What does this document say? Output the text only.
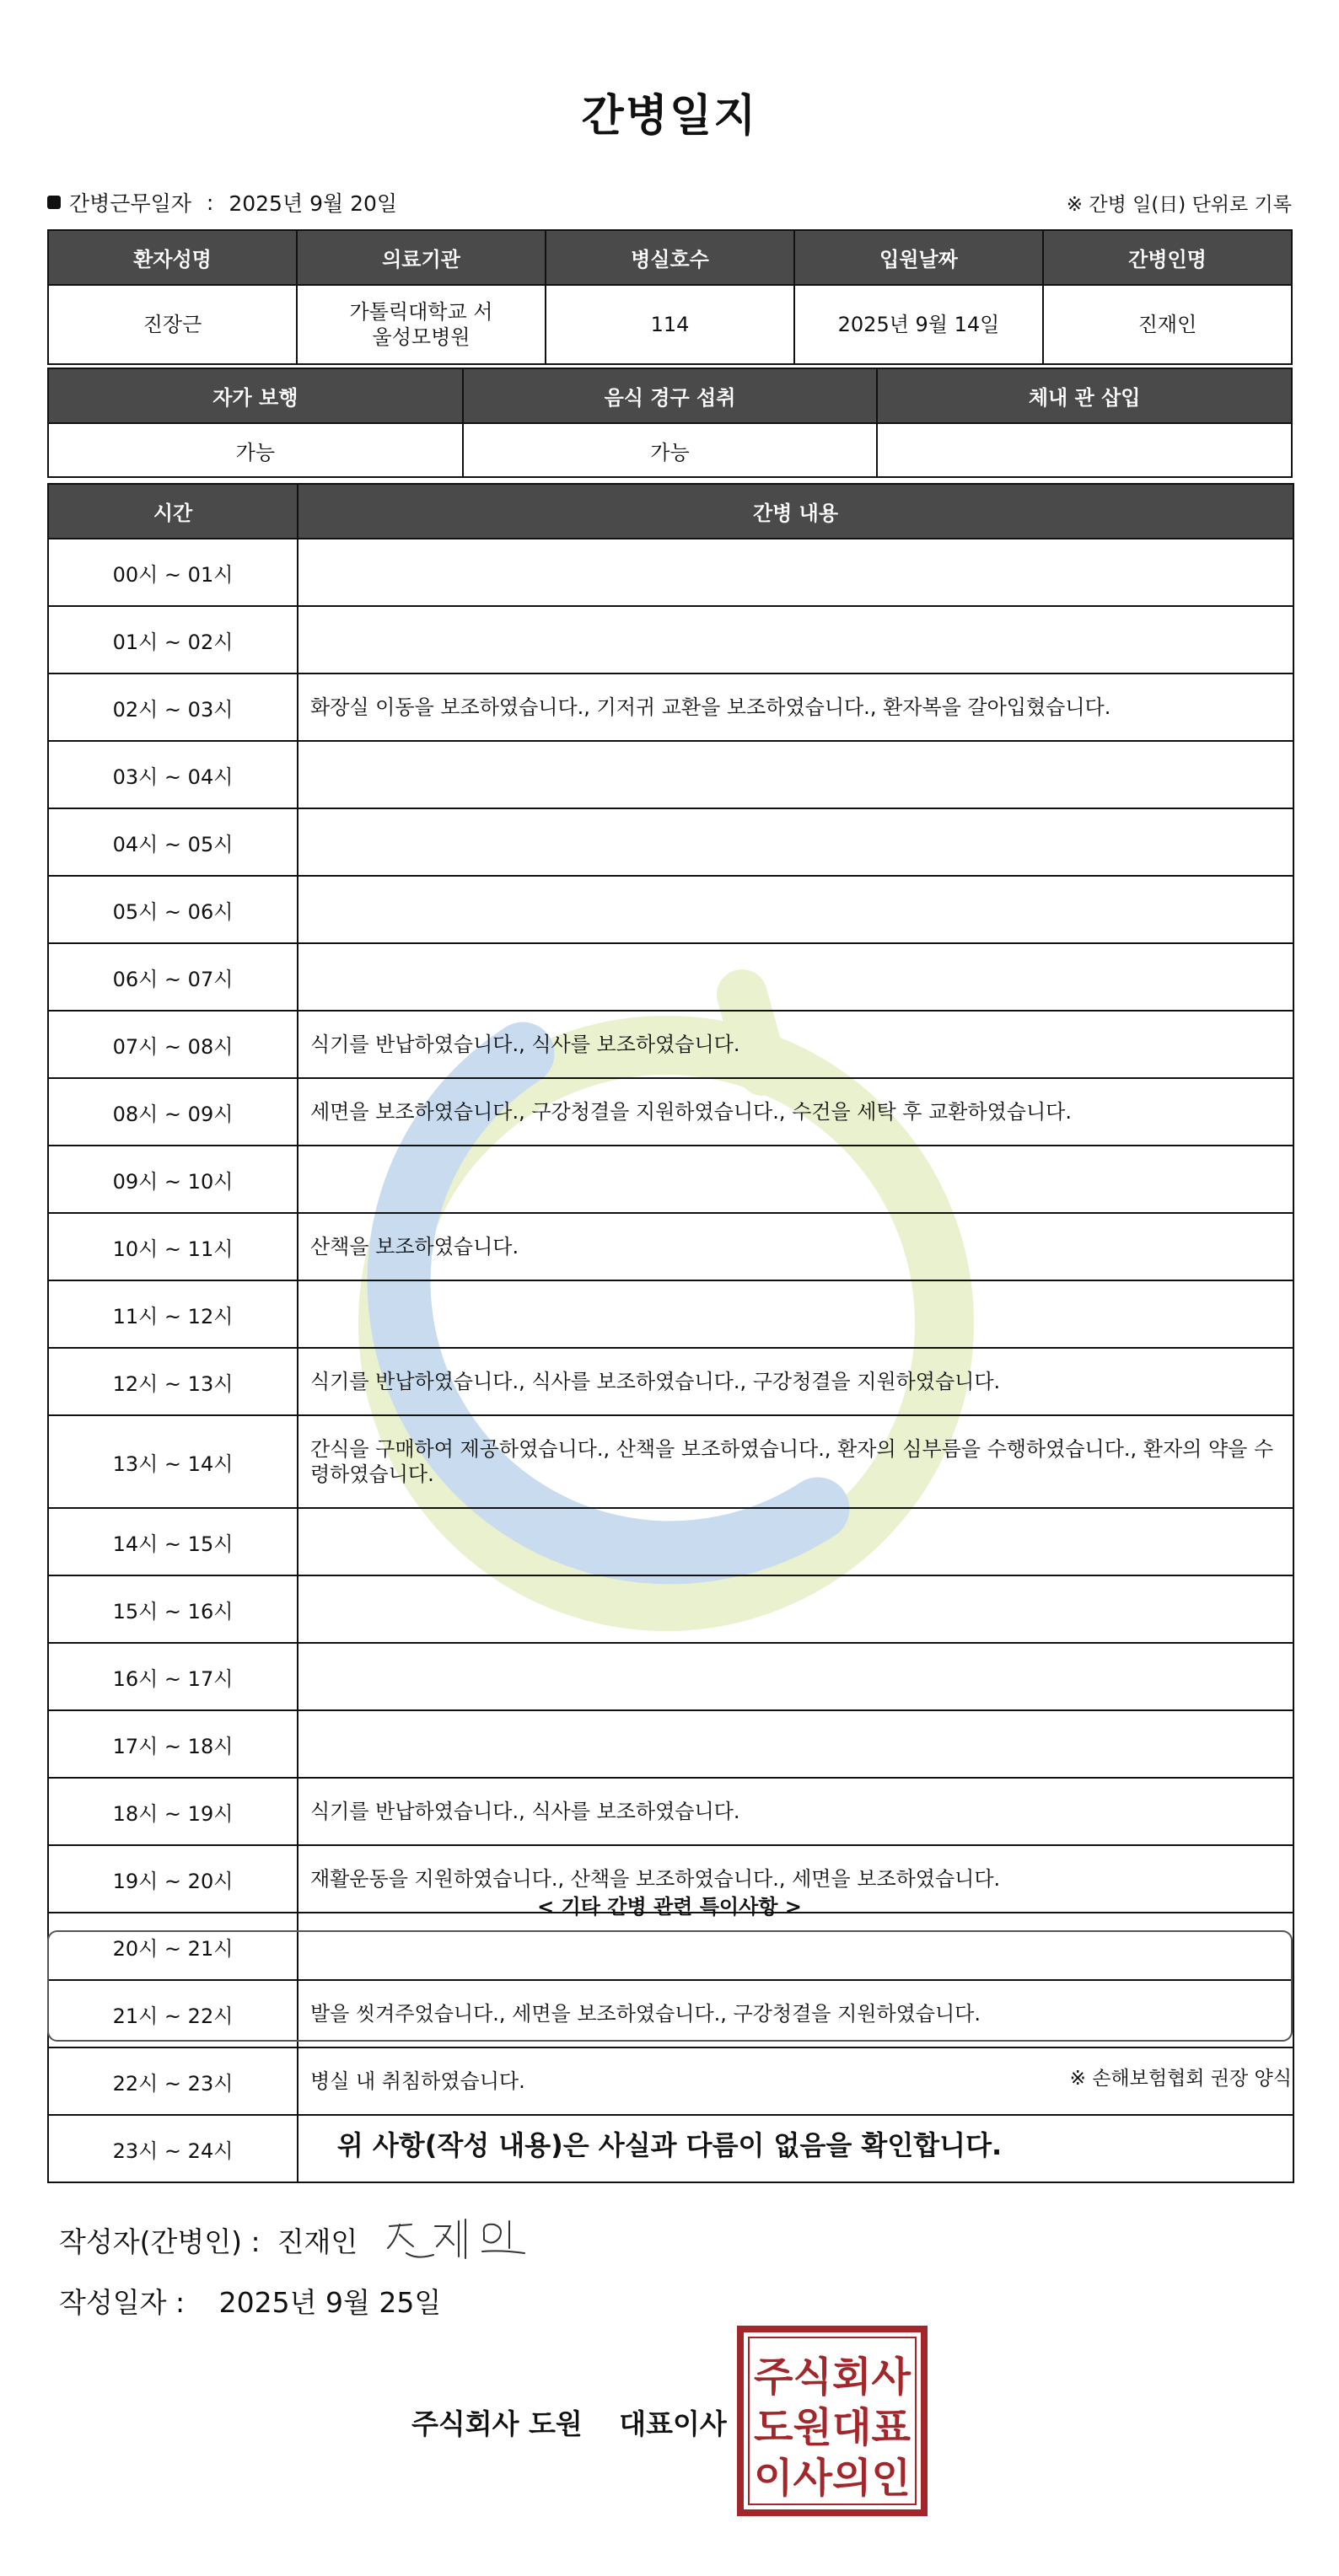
간병일지
간병근무일자 : 2025년 9월 20일	※ 간병 일(日) 단위로 기록
환자성명	의료기관	병실호수	입원날짜	간병인명
진장근	가톨릭대학교 서울성모병원	114	2025년 9월 14일	진재인
자가 보행	음식 경구 섭취	체내 관 삽입
가능	가능	
시간	간병 내용
00시 ~ 01시	
01시 ~ 02시	
02시 ~ 03시	화장실 이동을 보조하였습니다., 기저귀 교환을 보조하였습니다., 환자복을 갈아입혔습니다.
03시 ~ 04시	
04시 ~ 05시	
05시 ~ 06시	
06시 ~ 07시	
07시 ~ 08시	식기를 반납하였습니다., 식사를 보조하였습니다.
08시 ~ 09시	세면을 보조하였습니다., 구강청결을 지원하였습니다., 수건을 세탁 후 교환하였습니다.
09시 ~ 10시	
10시 ~ 11시	산책을 보조하였습니다.
11시 ~ 12시	
12시 ~ 13시	식기를 반납하였습니다., 식사를 보조하였습니다., 구강청결을 지원하였습니다.
13시 ~ 14시	간식을 구매하여 제공하였습니다., 산책을 보조하였습니다., 환자의 심부름을 수행하였습니다., 환자의 약을 수령하였습니다.
14시 ~ 15시	
15시 ~ 16시	
16시 ~ 17시	
17시 ~ 18시	
18시 ~ 19시	식기를 반납하였습니다., 식사를 보조하였습니다.
19시 ~ 20시	재활운동을 지원하였습니다., 산책을 보조하였습니다., 세면을 보조하였습니다.
20시 ~ 21시	
21시 ~ 22시	발을 씻겨주었습니다., 세면을 보조하였습니다., 구강청결을 지원하였습니다.
22시 ~ 23시	병실 내 취침하였습니다.
23시 ~ 24시	
< 기타 간병 관련 특이사항 >
※ 손해보험협회 권장 양식
위 사항(작성 내용)은 사실과 다름이 없음을 확인합니다.
작성자(간병인) : 진재인
작성일자 : 2025년 9월 25일
주식회사 도원 대표이사
주식회사
도원대표
이사의인
